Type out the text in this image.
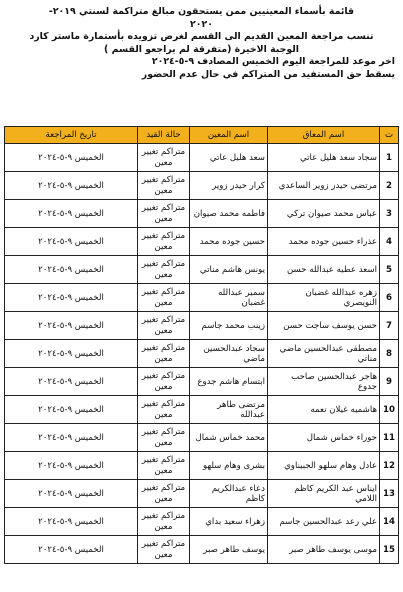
قائمة بأسماء المعينيين ممن يستحقون مبالغ متراكمة لسنتي ٢٠١٩-
٢٠٢٠
تنسب مراجعة المعين القديم الى القسم لغرض تزويده بأستمارة ماستر كارد
الوجبة الاخيرة (متفرقة لم يراجعو القسم )
اخر موعد للمراجعة اليوم الخميس المصادف ٩-٥-٢٠٢٤
يسقط حق المستفيد من المتراكم في حال عدم الحضور
ت	اسم المعاق	اسم المعين	حالة القيد	تاريخ المراجعة
1	سجاد سعد هليل عاتي	سعد هليل عاتي	متراكم تغيير معين	الخميس ٩-٥-٢٠٢٤
2	مرتضى حيدر زوير الساعدي	كرار حيدر زوير	متراكم تغيير معين	الخميس ٩-٥-٢٠٢٤
3	عباس محمد صيوان تركي	فاطمه محمد صيوان	متراكم تغيير معين	الخميس ٩-٥-٢٠٢٤
4	عذراء حسين جوده محمد	حسين جوده محمد	متراكم تغيير معين	الخميس ٩-٥-٢٠٢٤
5	اسعد عطيه عبدالله حسن	يونس هاشم مناتي	متراكم تغيير معين	الخميس ٩-٥-٢٠٢٤
6	زهره عبدالله غضبان النويصري	سمير عبدالله غضبان	متراكم تغيير معين	الخميس ٩-٥-٢٠٢٤
7	حسن يوسف ساجت حسن	زينب محمد جاسم	متراكم تغيير معين	الخميس ٩-٥-٢٠٢٤
8	مصطفى عبدالحسين ماضي مناتي	سجاد عبدالحسين ماضي	متراكم تغيير معين	الخميس ٩-٥-٢٠٢٤
9	هاجر عبدالحسين صاحب جدوع	ابتسام هاشم جدوع	متراكم تغيير معين	الخميس ٩-٥-٢٠٢٤
10	هاشميه غيلان نعمه	مرتضى طاهر عبدالله	متراكم تغيير معين	الخميس ٩-٥-٢٠٢٤
11	حوراء خماس شمال	محمد خماس شمال	متراكم تغيير معين	الخميس ٩-٥-٢٠٢٤
12	عادل وهام سلهو الجبيناوي	بشرى وهام سلهو	متراكم تغيير معين	الخميس ٩-٥-٢٠٢٤
13	ايناس عبد الكريم كاظم اللامي	دعاء عبدالكريم كاظم	متراكم تغيير معين	الخميس ٩-٥-٢٠٢٤
14	علي رعد عبدالحسين جاسم	زهراء سعيد بداي	متراكم تغيير معين	الخميس ٩-٥-٢٠٢٤
15	موسى يوسف طاهر صبر	يوسف طاهر صبر	متراكم تغيير معين	الخميس ٩-٥-٢٠٢٤
